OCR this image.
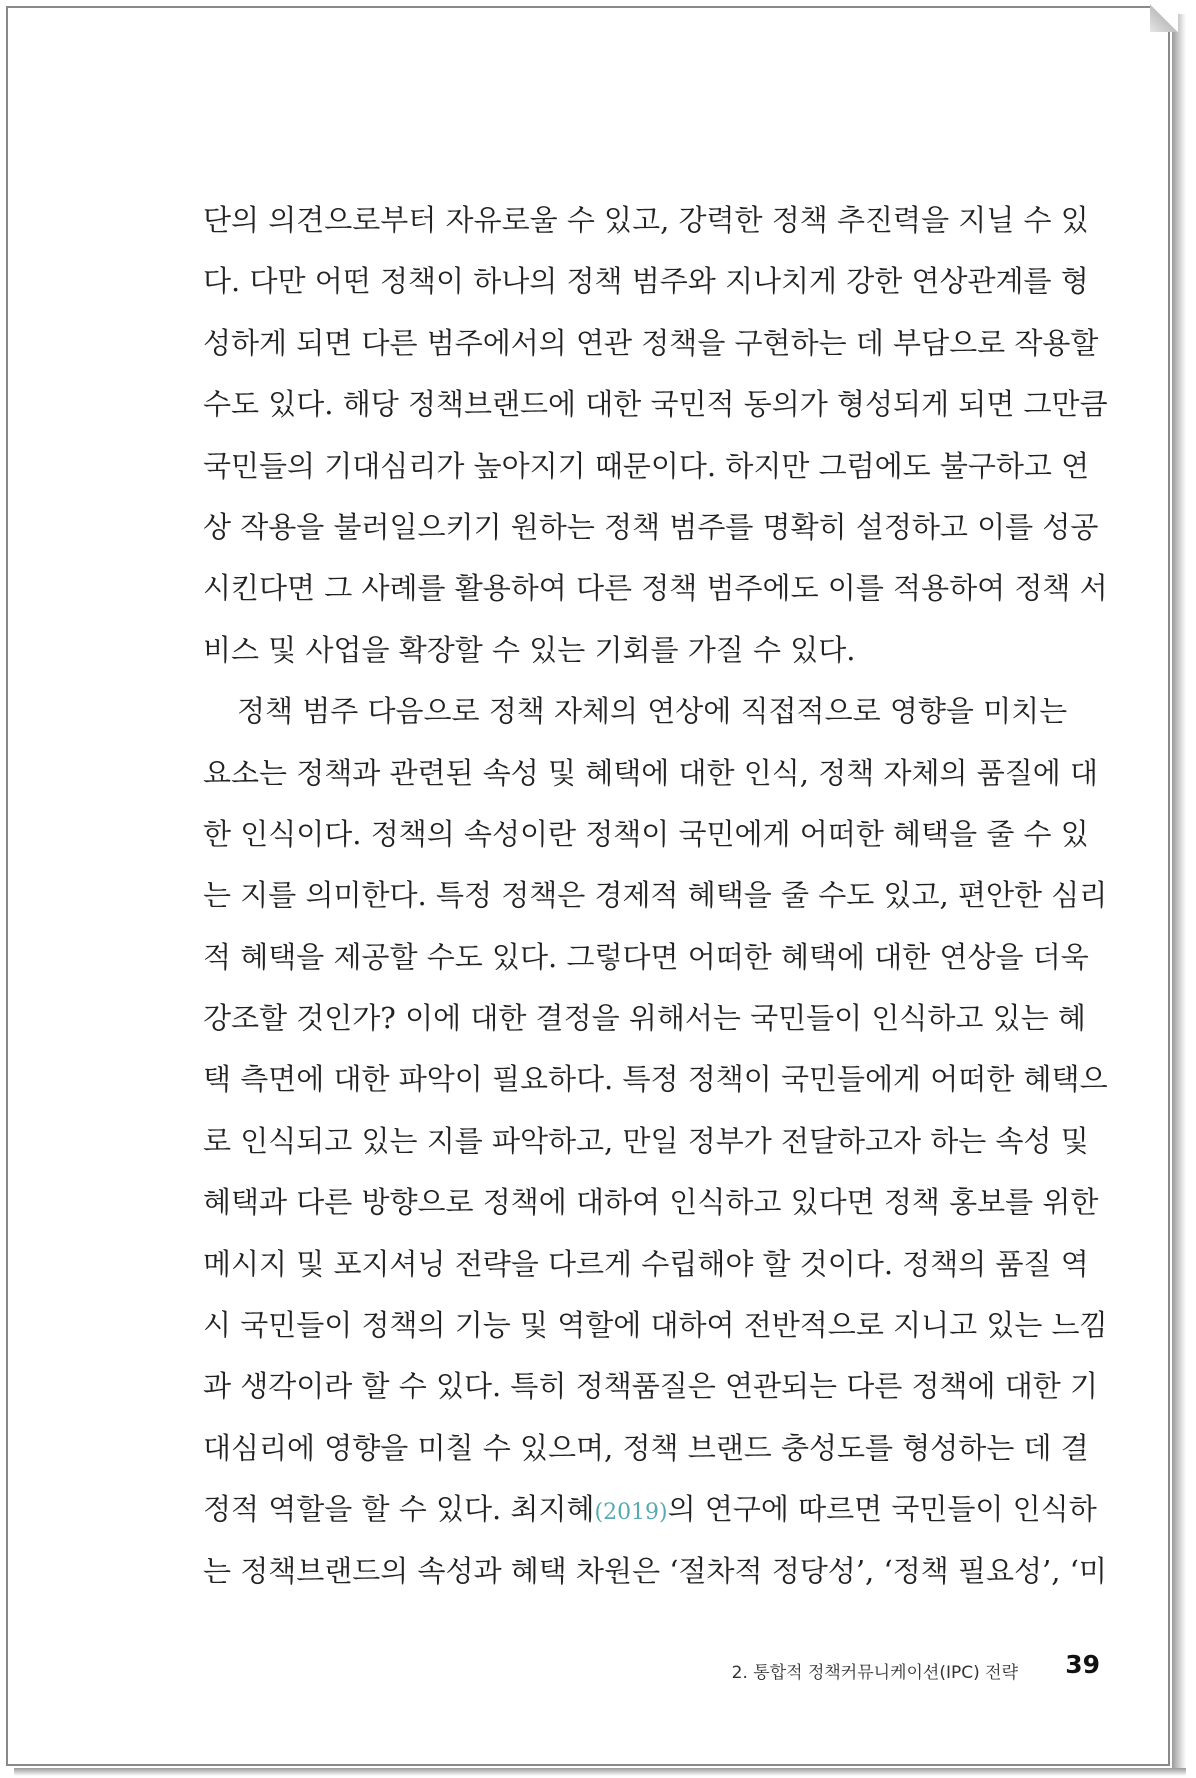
단의 의견으로부터 자유로울 수 있고, 강력한 정책 추진력을 지닐 수 있
다. 다만 어떤 정책이 하나의 정책 범주와 지나치게 강한 연상관계를 형
성하게 되면 다른 범주에서의 연관 정책을 구현하는 데 부담으로 작용할
수도 있다. 해당 정책브랜드에 대한 국민적 동의가 형성되게 되면 그만큼
국민들의 기대심리가 높아지기 때문이다. 하지만 그럼에도 불구하고 연
상 작용을 불러일으키기 원하는 정책 범주를 명확히 설정하고 이를 성공
시킨다면 그 사례를 활용하여 다른 정책 범주에도 이를 적용하여 정책 서
비스 및 사업을 확장할 수 있는 기회를 가질 수 있다.
정책 범주 다음으로 정책 자체의 연상에 직접적으로 영향을 미치는
요소는 정책과 관련된 속성 및 혜택에 대한 인식, 정책 자체의 품질에 대
한 인식이다. 정책의 속성이란 정책이 국민에게 어떠한 혜택을 줄 수 있
는 지를 의미한다. 특정 정책은 경제적 혜택을 줄 수도 있고, 편안한 심리
적 혜택을 제공할 수도 있다. 그렇다면 어떠한 혜택에 대한 연상을 더욱
강조할 것인가? 이에 대한 결정을 위해서는 국민들이 인식하고 있는 혜
택 측면에 대한 파악이 필요하다. 특정 정책이 국민들에게 어떠한 혜택으
로 인식되고 있는 지를 파악하고, 만일 정부가 전달하고자 하는 속성 및
혜택과 다른 방향으로 정책에 대하여 인식하고 있다면 정책 홍보를 위한
메시지 및 포지셔닝 전략을 다르게 수립해야 할 것이다. 정책의 품질 역
시 국민들이 정책의 기능 및 역할에 대하여 전반적으로 지니고 있는 느낌
과 생각이라 할 수 있다. 특히 정책품질은 연관되는 다른 정책에 대한 기
대심리에 영향을 미칠 수 있으며, 정책 브랜드 충성도를 형성하는 데 결
정적 역할을 할 수 있다. 최지혜(2019)의 연구에 따르면 국민들이 인식하
는 정책브랜드의 속성과 혜택 차원은 ‘절차적 정당성’, ‘정책 필요성’, ‘미
2. 통합적 정책커뮤니케이션(IPC) 전략 39
